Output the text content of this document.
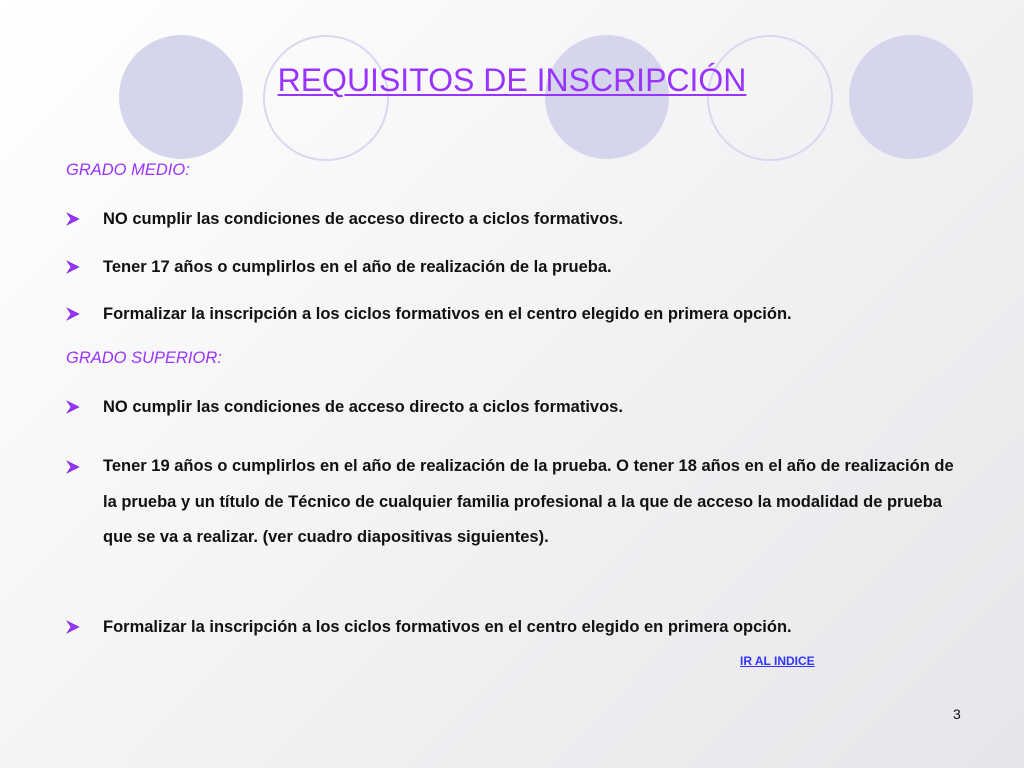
REQUISITOS DE INSCRIPCIÓN
GRADO MEDIO:
NO cumplir las condiciones de acceso directo a ciclos formativos.
Tener 17 años o cumplirlos en el año de realización de la prueba.
Formalizar la inscripción a los ciclos formativos en el centro elegido en primera opción.
GRADO SUPERIOR:
NO cumplir las condiciones de acceso directo a ciclos formativos.
Tener 19 años o cumplirlos en el año de realización de la prueba. O tener 18 años en el año de realización de la prueba y un título de Técnico de cualquier familia profesional a la que de acceso la modalidad de prueba que se va a realizar. (ver cuadro diapositivas siguientes).
Formalizar la inscripción a los ciclos formativos en el centro elegido en primera opción.
IR AL INDICE
3
